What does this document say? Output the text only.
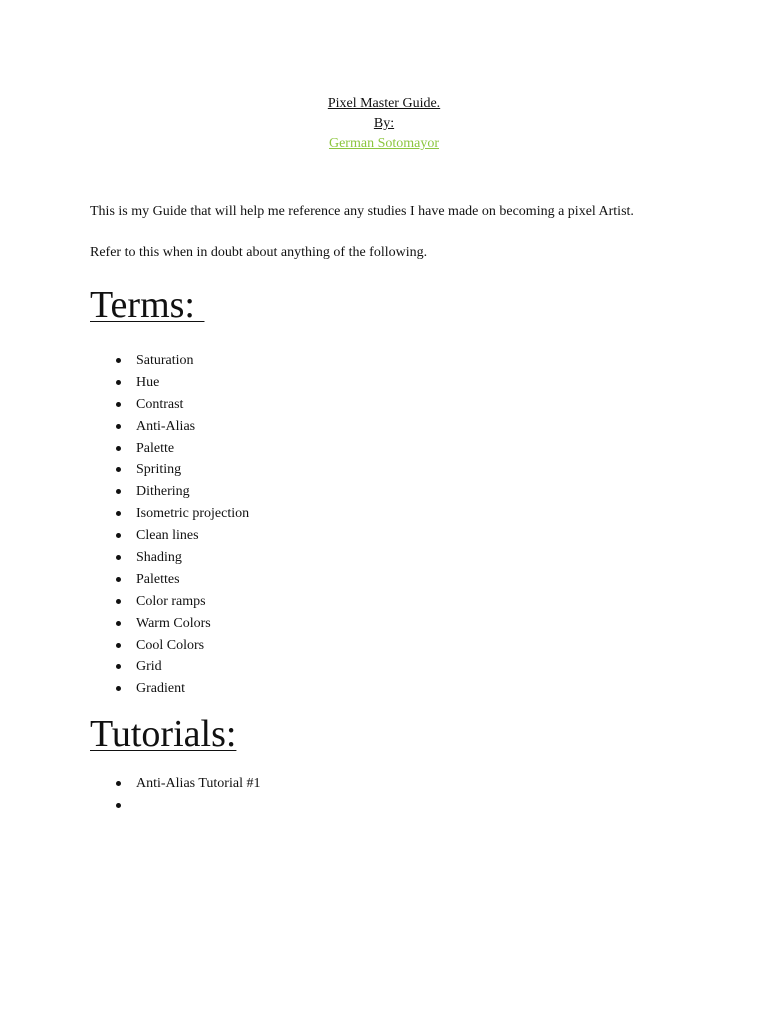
Pixel Master Guide.
By:
German Sotomayor
This is my Guide that will help me reference any studies I have made on becoming a pixel Artist.
Refer to this when in doubt about anything of the following.
Terms:
Saturation
Hue
Contrast
Anti-Alias
Palette
Spriting
Dithering
Isometric projection
Clean lines
Shading
Palettes
Color ramps
Warm Colors
Cool Colors
Grid
Gradient
Tutorials:
Anti-Alias Tutorial #1
